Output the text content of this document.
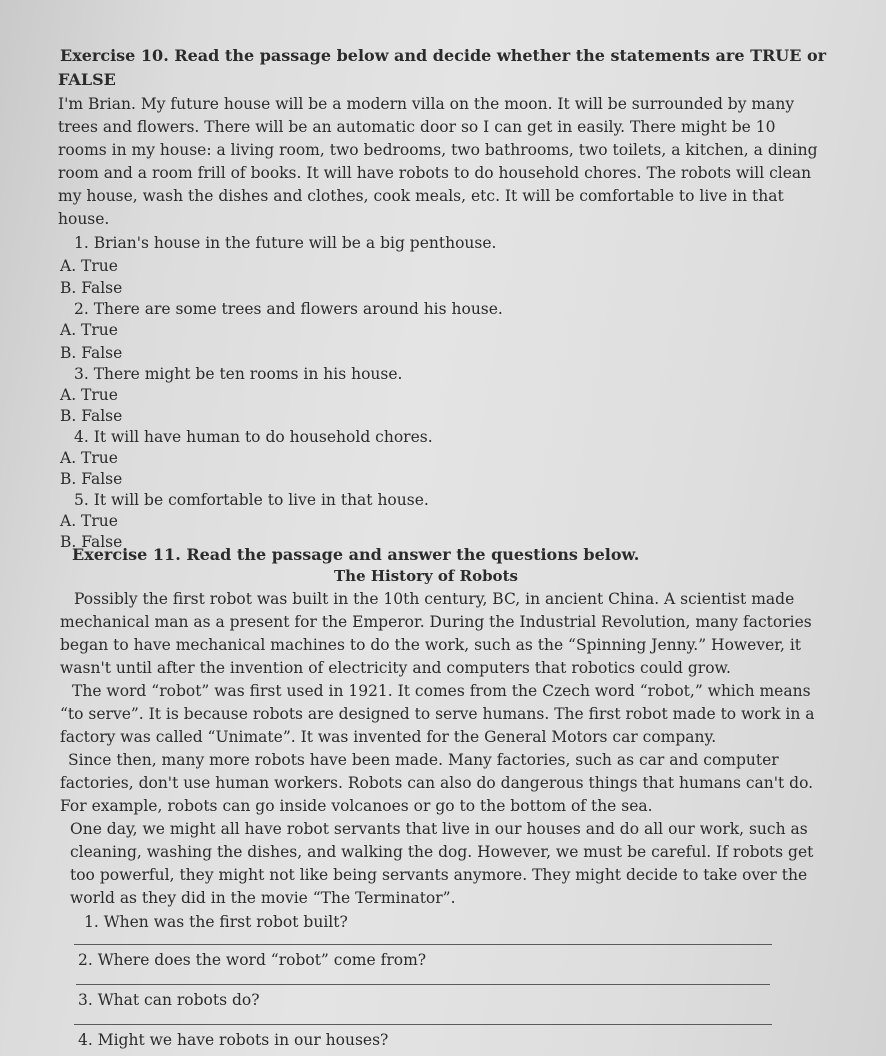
Exercise 10. Read the passage below and decide whether the statements are TRUE or
FALSE
I'm Brian. My future house will be a modern villa on the moon. It will be surrounded by many
trees and flowers. There will be an automatic door so I can get in easily. There might be 10
rooms in my house: a living room, two bedrooms, two bathrooms, two toilets, a kitchen, a dining
room and a room frill of books. It will have robots to do household chores. The robots will clean
my house, wash the dishes and clothes, cook meals, etc. It will be comfortable to live in that
house.
1. Brian's house in the future will be a big penthouse.
A. True
B. False
2. There are some trees and flowers around his house.
A. True
B. False
3. There might be ten rooms in his house.
A. True
B. False
4. It will have human to do household chores.
A. True
B. False
5. It will be comfortable to live in that house.
A. True
B. False
Exercise 11. Read the passage and answer the questions below.
The History of Robots
Possibly the first robot was built in the 10th century, BC, in ancient China. A scientist made
mechanical man as a present for the Emperor. During the Industrial Revolution, many factories
began to have mechanical machines to do the work, such as the “Spinning Jenny.” However, it
wasn't until after the invention of electricity and computers that robotics could grow.
The word “robot” was first used in 1921. It comes from the Czech word “robot,” which means
“to serve”. It is because robots are designed to serve humans. The first robot made to work in a
factory was called “Unimate”. It was invented for the General Motors car company.
Since then, many more robots have been made. Many factories, such as car and computer
factories, don't use human workers. Robots can also do dangerous things that humans can't do.
For example, robots can go inside volcanoes or go to the bottom of the sea.
One day, we might all have robot servants that live in our houses and do all our work, such as
cleaning, washing the dishes, and walking the dog. However, we must be careful. If robots get
too powerful, they might not like being servants anymore. They might decide to take over the
world as they did in the movie “The Terminator”.
1. When was the first robot built?
2. Where does the word “robot” come from?
3. What can robots do?
4. Might we have robots in our houses?
